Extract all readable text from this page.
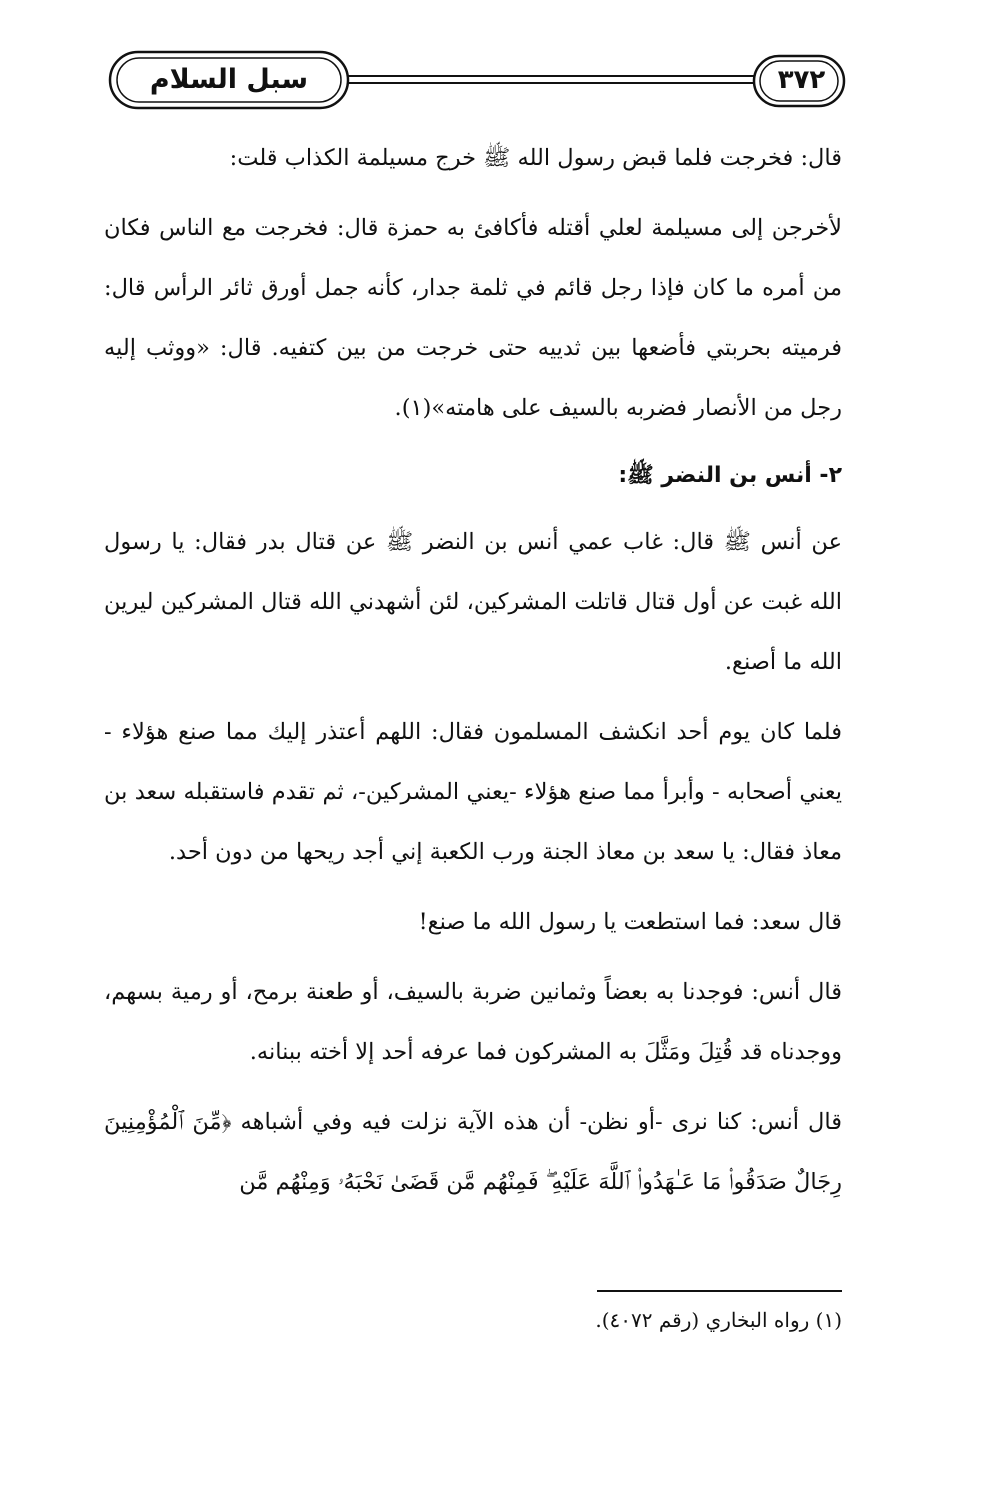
سبل السلام	٣٧٢

قال: فخرجت فلما قبض رسول الله ﷺ خرج مسيلمة الكذاب قلت:

لأخرجن إلى مسيلمة لعلي أقتله فأكافئ به حمزة قال: فخرجت مع الناس فكان من أمره ما كان فإذا رجل قائم في ثلمة جدار، كأنه جمل أورق ثائر الرأس قال: فرميته بحربتي فأضعها بين ثدييه حتى خرجت من بين كتفيه. قال: «ووثب إليه رجل من الأنصار فضربه بالسيف على هامته»(١).

٢- أنس بن النضر ﷺ:

عن أنس ﷺ قال: غاب عمي أنس بن النضر ﷺ عن قتال بدر فقال: يا رسول الله غبت عن أول قتال قاتلت المشركين، لئن أشهدني الله قتال المشركين ليرين الله ما أصنع.

فلما كان يوم أحد انكشف المسلمون فقال: اللهم أعتذر إليك مما صنع هؤلاء - يعني أصحابه - وأبرأ مما صنع هؤلاء -يعني المشركين-، ثم تقدم فاستقبله سعد بن معاذ فقال: يا سعد بن معاذ الجنة ورب الكعبة إني أجد ريحها من دون أحد.

قال سعد: فما استطعت يا رسول الله ما صنع!

قال أنس: فوجدنا به بعضاً وثمانين ضربة بالسيف، أو طعنة برمح، أو رمية بسهم، ووجدناه قد قُتِلَ ومَثَّلَ به المشركون فما عرفه أحد إلا أخته ببنانه.

قال أنس: كنا نرى -أو نظن- أن هذه الآية نزلت فيه وفي أشباهه ﴿مِّنَ ٱلْمُؤْمِنِينَ رِجَالٌ صَدَقُوا۟ مَا عَـٰهَدُوا۟ ٱللَّهَ عَلَيْهِ ۖ فَمِنْهُم مَّن قَضَىٰ نَحْبَهُۥ وَمِنْهُم مَّن

(١) رواه البخاري (رقم ٤٠٧٢).
